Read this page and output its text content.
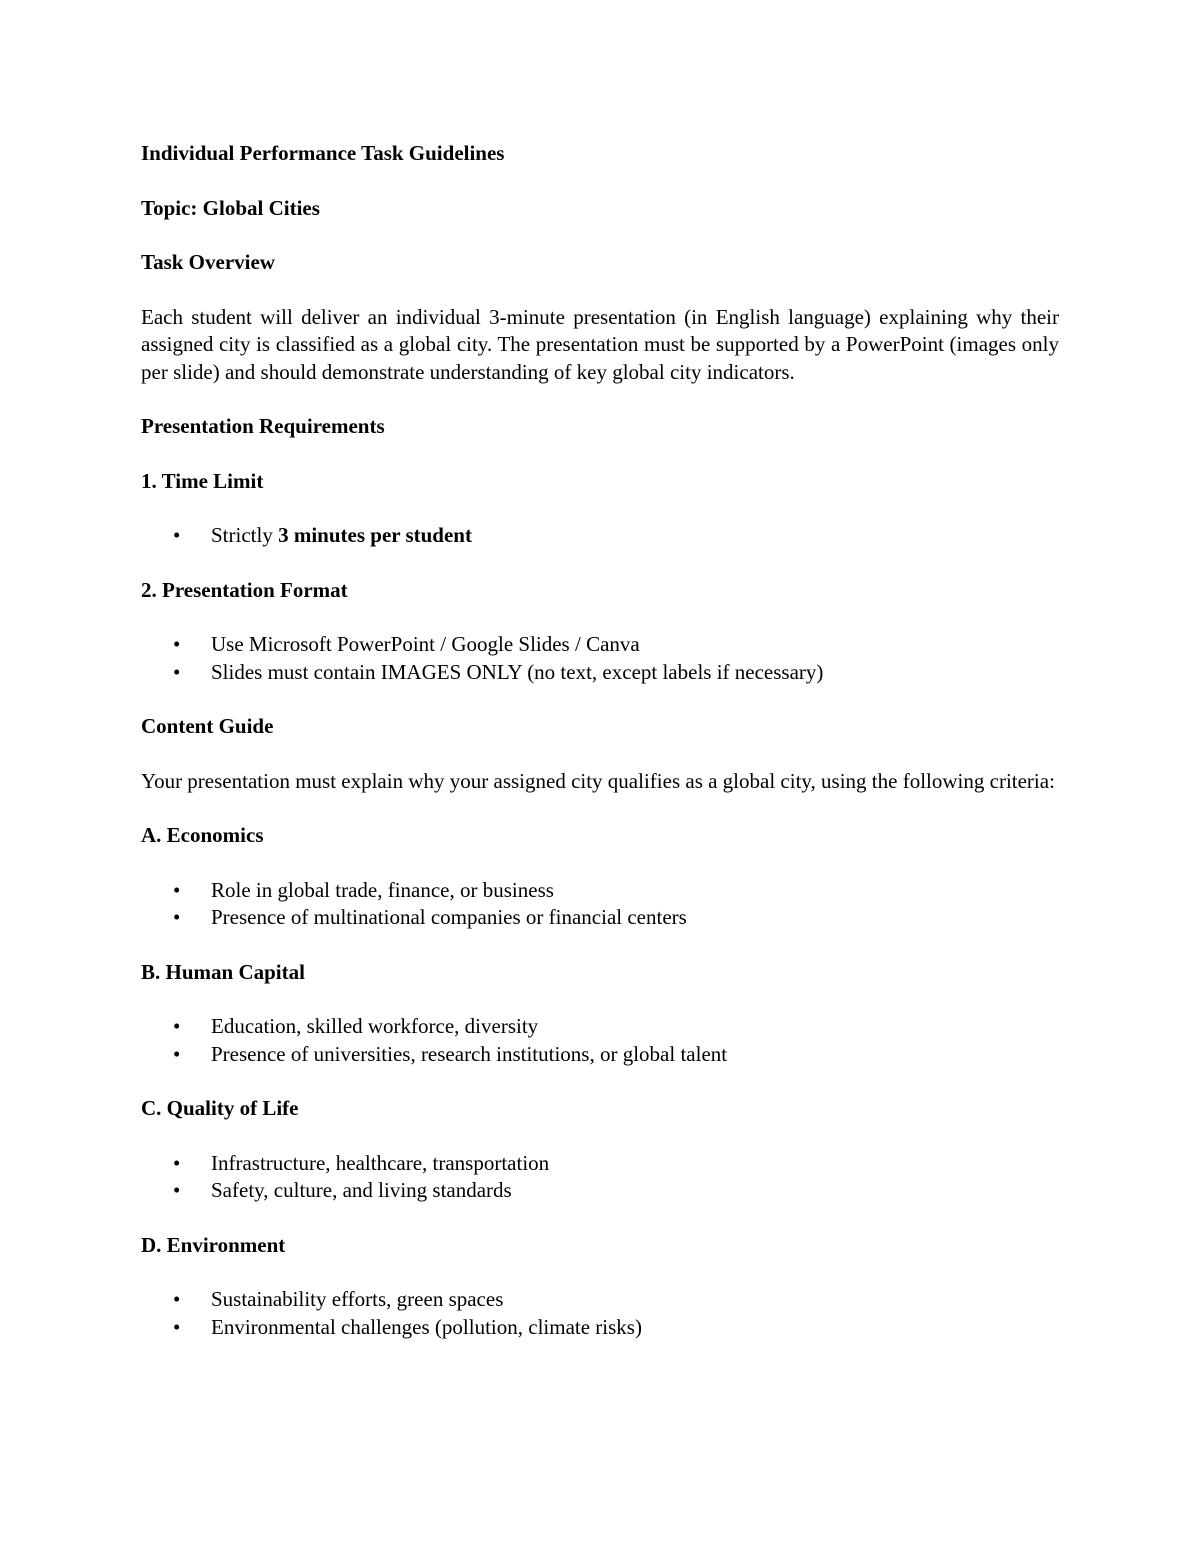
Individual Performance Task Guidelines

Topic: Global Cities

Task Overview

Each student will deliver an individual 3-minute presentation (in English language) explaining why their assigned city is classified as a global city. The presentation must be supported by a PowerPoint (images only per slide) and should demonstrate understanding of key global city indicators.

Presentation Requirements

1. Time Limit

• Strictly 3 minutes per student

2. Presentation Format

• Use Microsoft PowerPoint / Google Slides / Canva
• Slides must contain IMAGES ONLY (no text, except labels if necessary)

Content Guide

Your presentation must explain why your assigned city qualifies as a global city, using the following criteria:

A. Economics

• Role in global trade, finance, or business
• Presence of multinational companies or financial centers

B. Human Capital

• Education, skilled workforce, diversity
• Presence of universities, research institutions, or global talent

C. Quality of Life

• Infrastructure, healthcare, transportation
• Safety, culture, and living standards

D. Environment

• Sustainability efforts, green spaces
• Environmental challenges (pollution, climate risks)
